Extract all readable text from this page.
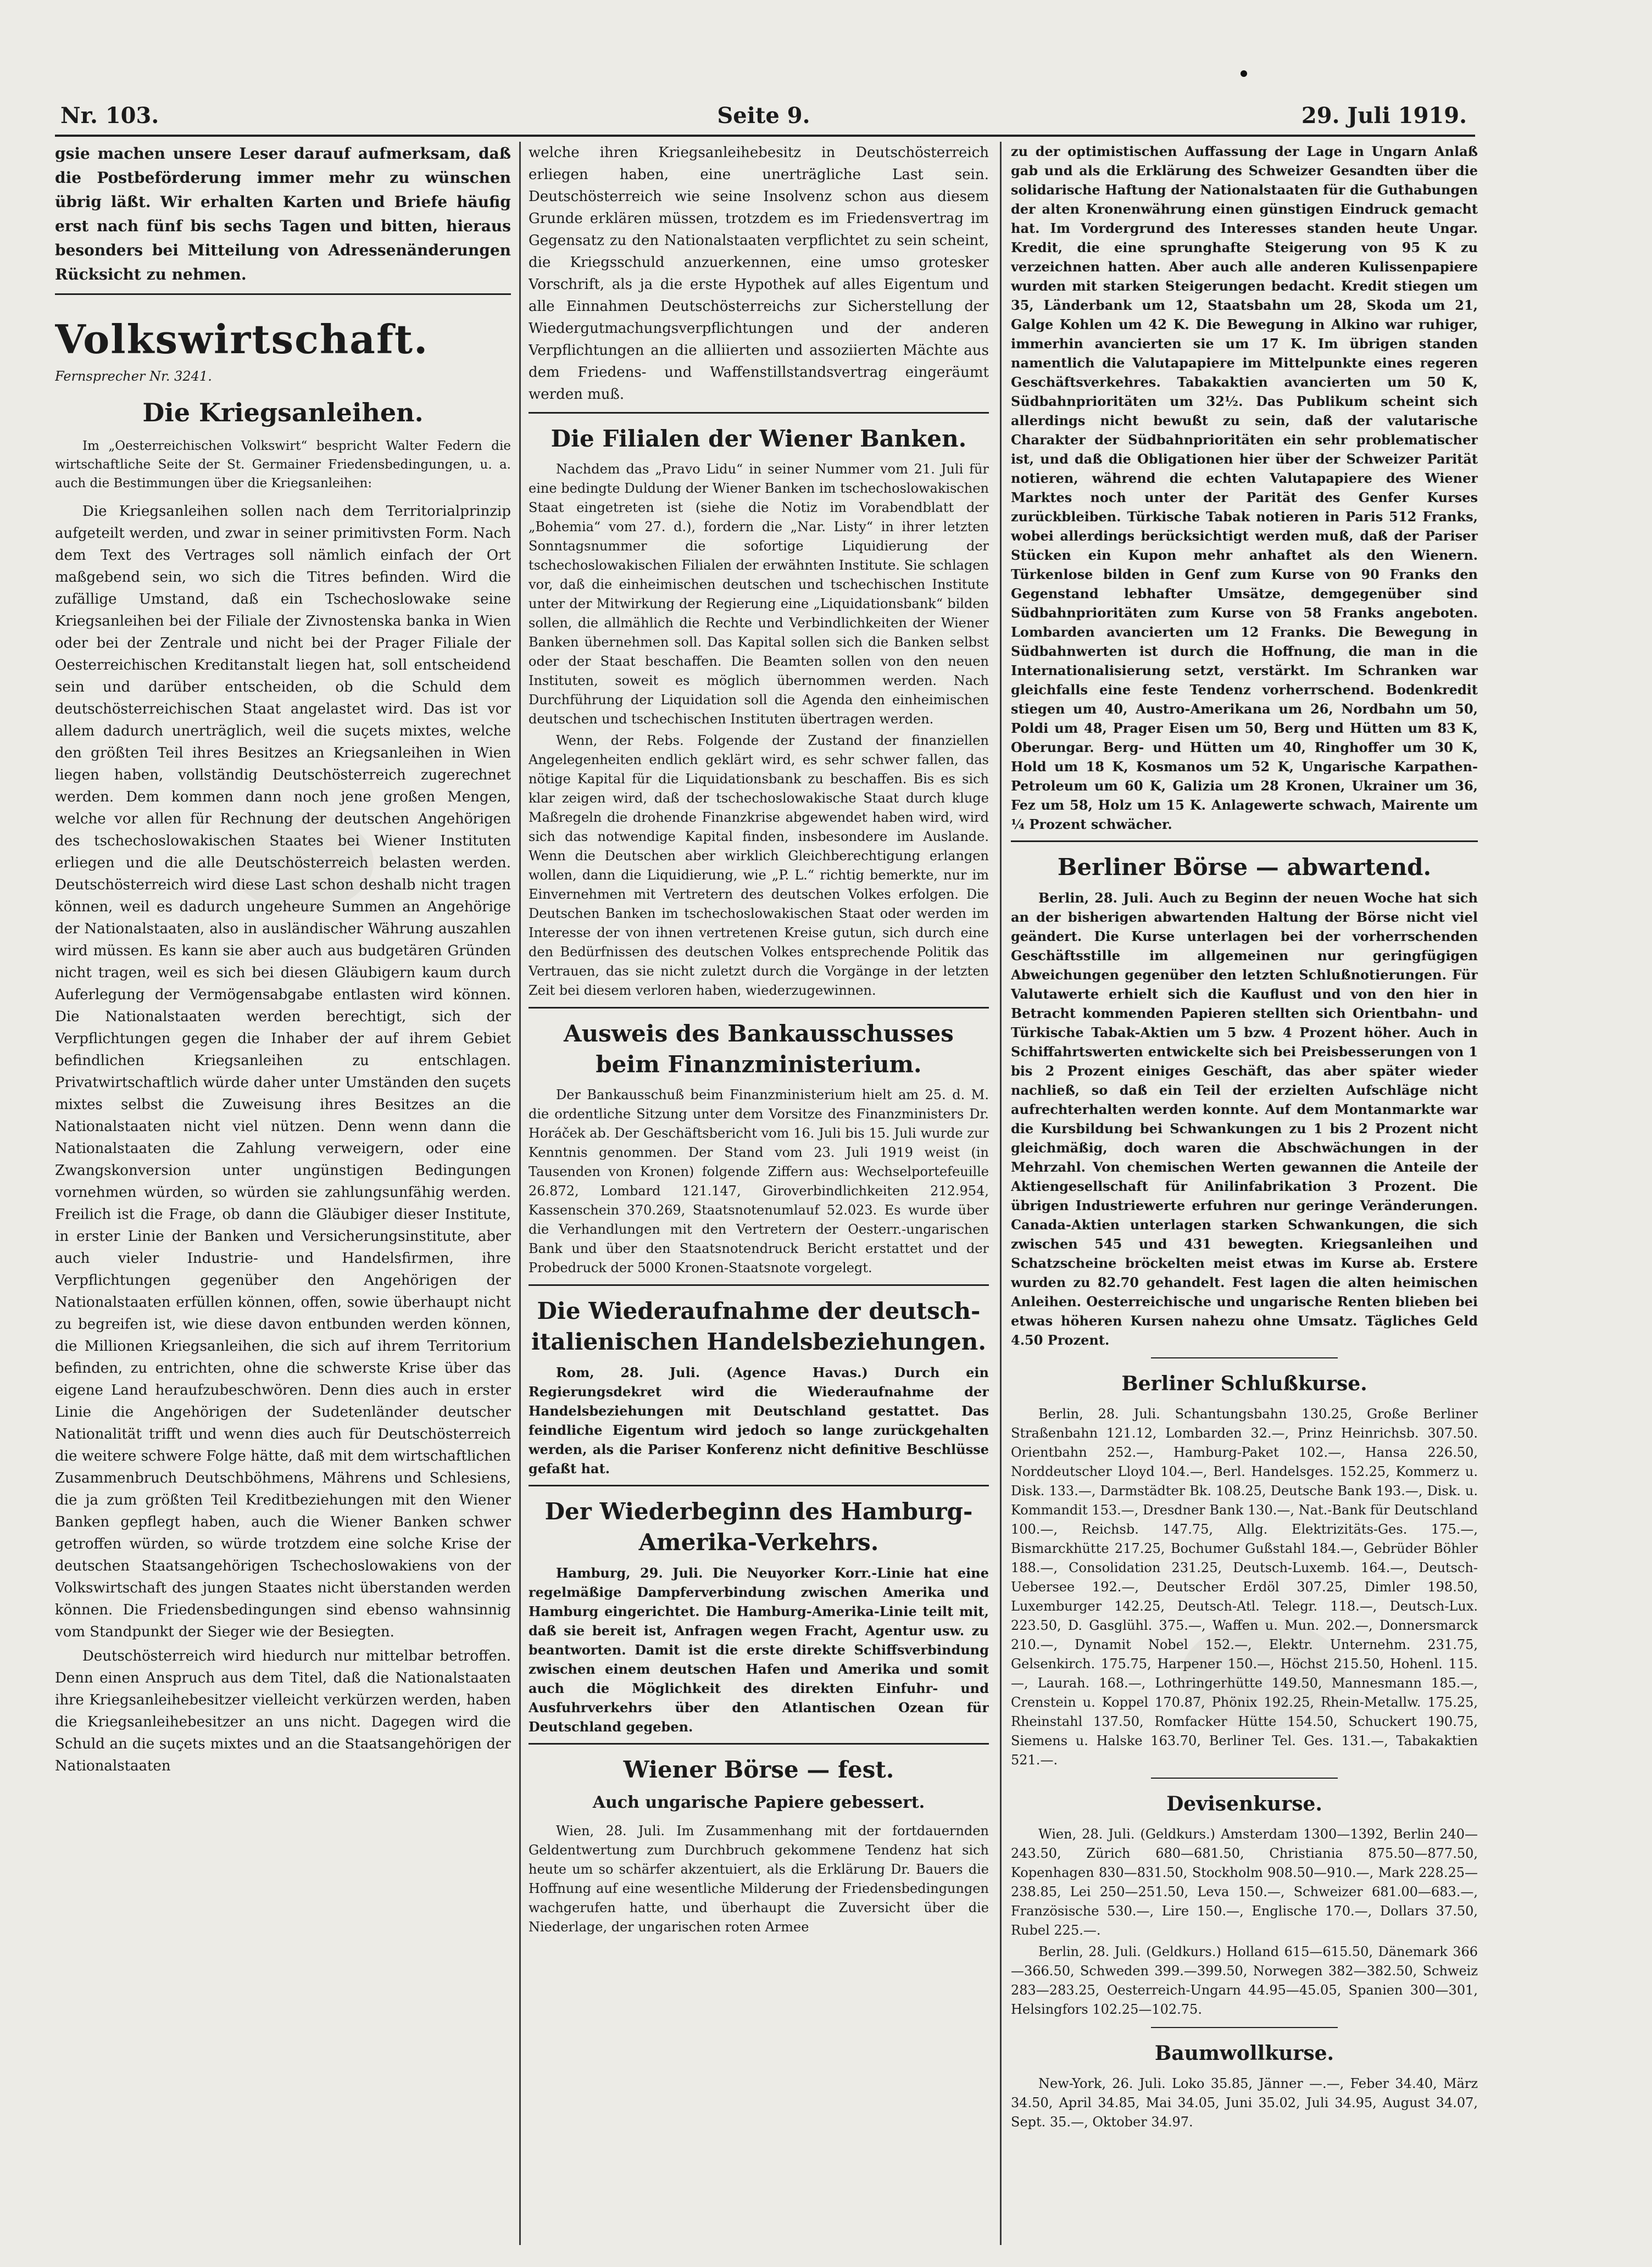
Nr. 103.	Seite 9.	29. Juli 1919.

gsie machen unsere Leser darauf aufmerksam, daß die Postbeförderung immer mehr zu wünschen übrig läßt. Wir erhalten Karten und Briefe häufig erst nach fünf bis sechs Tagen und bitten, hieraus besonders bei Mitteilung von Adressenänderungen Rücksicht zu nehmen.

Volkswirtschaft.
Fernsprecher Nr. 3241.
Die Kriegsanleihen.

Im „Oesterreichischen Volkswirt“ bespricht Walter Federn die wirtschaftliche Seite der St. Germainer Friedensbedingungen, u. a. auch die Bestimmungen über die Kriegsanleihen:

Die Kriegsanleihen sollen nach dem Territorialprinzip aufgeteilt werden, und zwar in seiner primitivsten Form. Nach dem Text des Vertrages soll nämlich einfach der Ort maßgebend sein, wo sich die Titres befinden. Wird die zufällige Umstand, daß ein Tschechoslowake seine Kriegsanleihen bei der Filiale der Zivnostenska banka in Wien oder bei der Zentrale und nicht bei der Prager Filiale der Oesterreichischen Kreditanstalt liegen hat, soll entscheidend sein und darüber entscheiden, ob die Schuld dem deutschösterreichischen Staat angelastet wird. Das ist vor allem dadurch unerträglich, weil die suçets mixtes, welche den größten Teil ihres Besitzes an Kriegsanleihen in Wien liegen haben, vollständig Deutschösterreich zugerechnet werden. Dem kommen dann noch jene großen Mengen, welche vor allen für Rechnung der deutschen Angehörigen des tschechoslowakischen Staates bei Wiener Instituten erliegen und die alle Deutschösterreich belasten werden. Deutschösterreich wird diese Last schon deshalb nicht tragen können, weil es dadurch ungeheure Summen an Angehörige der Nationalstaaten, also in ausländischer Währung auszahlen wird müssen. Es kann sie aber auch aus budgetären Gründen nicht tragen, weil es sich bei diesen Gläubigern kaum durch Auferlegung der Vermögensabgabe entlasten wird können. Die Nationalstaaten werden berechtigt, sich der Verpflichtungen gegen die Inhaber der auf ihrem Gebiet befindlichen Kriegsanleihen zu entschlagen. Privatwirtschaftlich würde daher unter Umständen den suçets mixtes selbst die Zuweisung ihres Besitzes an die Nationalstaaten nicht viel nützen. Denn wenn dann die Nationalstaaten die Zahlung verweigern, oder eine Zwangskonversion unter ungünstigen Bedingungen vornehmen würden, so würden sie zahlungsunfähig werden. Freilich ist die Frage, ob dann die Gläubiger dieser Institute, in erster Linie der Banken und Versicherungsinstitute, aber auch vieler Industrie- und Handelsfirmen, ihre Verpflichtungen gegenüber den Angehörigen der Nationalstaaten erfüllen können, offen, sowie überhaupt nicht zu begreifen ist, wie diese davon entbunden werden können, die Millionen Kriegsanleihen, die sich auf ihrem Territorium befinden, zu entrichten, ohne die schwerste Krise über das eigene Land heraufzubeschwören. Denn dies auch in erster Linie die Angehörigen der Sudetenländer deutscher Nationalität trifft und wenn dies auch für Deutschösterreich die weitere schwere Folge hätte, daß mit dem wirtschaftlichen Zusammenbruch Deutschböhmens, Mährens und Schlesiens, die ja zum größten Teil Kreditbeziehungen mit den Wiener Banken gepflegt haben, auch die Wiener Banken schwer getroffen würden, so würde trotzdem eine solche Krise der deutschen Staatsangehörigen Tschechoslowakiens von der Volkswirtschaft des jungen Staates nicht überstanden werden können. Die Friedensbedingungen sind ebenso wahnsinnig vom Standpunkt der Sieger wie der Besiegten.

Deutschösterreich wird hiedurch nur mittelbar betroffen. Denn einen Anspruch aus dem Titel, daß die Nationalstaaten ihre Kriegsanleihebesitzer vielleicht verkürzen werden, haben die Kriegsanleihebesitzer an uns nicht. Dagegen wird die Schuld an die suçets mixtes und an die Staatsangehörigen der Nationalstaaten

welche ihren Kriegsanleihebesitz in Deutschösterreich erliegen haben, eine unerträgliche Last sein. Deutschösterreich wie seine Insolvenz schon aus diesem Grunde erklären müssen, trotzdem es im Friedensvertrag im Gegensatz zu den Nationalstaaten verpflichtet zu sein scheint, die Kriegsschuld anzuerkennen, eine umso grotesker Vorschrift, als ja die erste Hypothek auf alles Eigentum und alle Einnahmen Deutschösterreichs zur Sicherstellung der Wiedergutmachungsverpflichtungen und der anderen Verpflichtungen an die alliierten und assoziierten Mächte aus dem Friedens- und Waffenstillstandsvertrag eingeräumt werden muß.

Die Filialen der Wiener Banken.

Nachdem das „Pravo Lidu“ in seiner Nummer vom 21. Juli für eine bedingte Duldung der Wiener Banken im tschechoslowakischen Staat eingetreten ist (siehe die Notiz im Vorabendblatt der „Bohemia“ vom 27. d.), fordern die „Nar. Listy“ in ihrer letzten Sonntagsnummer die sofortige Liquidierung der tschechoslowakischen Filialen der erwähnten Institute. Sie schlagen vor, daß die einheimischen deutschen und tschechischen Institute unter der Mitwirkung der Regierung eine „Liquidationsbank“ bilden sollen, die allmählich die Rechte und Verbindlichkeiten der Wiener Banken übernehmen soll. Das Kapital sollen sich die Banken selbst oder der Staat beschaffen. Die Beamten sollen von den neuen Instituten, soweit es möglich übernommen werden. Nach Durchführung der Liquidation soll die Agenda den einheimischen deutschen und tschechischen Instituten übertragen werden.

Wenn, der Rebs. Folgende der Zustand der finanziellen Angelegenheiten endlich geklärt wird, es sehr schwer fallen, das nötige Kapital für die Liquidationsbank zu beschaffen. Bis es sich klar zeigen wird, daß der tschechoslowakische Staat durch kluge Maßregeln die drohende Finanzkrise abgewendet haben wird, wird sich das notwendige Kapital finden, insbesondere im Auslande. Wenn die Deutschen aber wirklich Gleichberechtigung erlangen wollen, dann die Liquidierung, wie „P. L.“ richtig bemerkte, nur im Einvernehmen mit Vertretern des deutschen Volkes erfolgen. Die Deutschen Banken im tschechoslowakischen Staat oder werden im Interesse der von ihnen vertretenen Kreise gutun, sich durch eine den Bedürfnissen des deutschen Volkes entsprechende Politik das Vertrauen, das sie nicht zuletzt durch die Vorgänge in der letzten Zeit bei diesem verloren haben, wiederzugewinnen.

Ausweis des Bankausschusses beim Finanzministerium.

Der Bankausschuß beim Finanzministerium hielt am 25. d. M. die ordentliche Sitzung unter dem Vorsitze des Finanzministers Dr. Horáček ab. Der Geschäftsbericht vom 16. Juli bis 15. Juli wurde zur Kenntnis genommen. Der Stand vom 23. Juli 1919 weist (in Tausenden von Kronen) folgende Ziffern aus: Wechselportefeuille 26.872, Lombard 121.147, Giroverbindlichkeiten 212.954, Kassenschein 370.269, Staatsnotenumlauf 52.023. Es wurde über die Verhandlungen mit den Vertretern der Oesterr.-ungarischen Bank und über den Staatsnotendruck Bericht erstattet und der Probedruck der 5000 Kronen-Staatsnote vorgelegt.

Die Wiederaufnahme der deutsch-italienischen Handelsbeziehungen.

Rom, 28. Juli. (Agence Havas.) Durch ein Regierungsdekret wird die Wiederaufnahme der Handelsbeziehungen mit Deutschland gestattet. Das feindliche Eigentum wird jedoch so lange zurückgehalten werden, als die Pariser Konferenz nicht definitive Beschlüsse gefaßt hat.

Der Wiederbeginn des Hamburg-Amerika-Verkehrs.

Hamburg, 29. Juli. Die Neuyorker Korr.-Linie hat eine regelmäßige Dampferverbindung zwischen Amerika und Hamburg eingerichtet. Die Hamburg-Amerika-Linie teilt mit, daß sie bereit ist, Anfragen wegen Fracht, Agentur usw. zu beantworten. Damit ist die erste direkte Schiffsverbindung zwischen einem deutschen Hafen und Amerika und somit auch die Möglichkeit des direkten Einfuhr- und Ausfuhrverkehrs über den Atlantischen Ozean für Deutschland gegeben.

Wiener Börse — fest.
Auch ungarische Papiere gebessert.

Wien, 28. Juli. Im Zusammenhang mit der fortdauernden Geldentwertung zum Durchbruch gekommene Tendenz hat sich heute um so schärfer akzentuiert, als die Erklärung Dr. Bauers die Hoffnung auf eine wesentliche Milderung der Friedensbedingungen wachgerufen hatte, und überhaupt die Zuversicht über die Niederlage, der ungarischen roten Armee

zu der optimistischen Auffassung der Lage in Ungarn Anlaß gab und als die Erklärung des Schweizer Gesandten über die solidarische Haftung der Nationalstaaten für die Guthabungen der alten Kronenwährung einen günstigen Eindruck gemacht hat. Im Vordergrund des Interesses standen heute Ungar. Kredit, die eine sprunghafte Steigerung von 95 K zu verzeichnen hatten. Aber auch alle anderen Kulissenpapiere wurden mit starken Steigerungen bedacht. Kredit stiegen um 35, Länderbank um 12, Staatsbahn um 28, Skoda um 21, Galge Kohlen um 42 K. Die Bewegung in Alkino war ruhiger, immerhin avancierten sie um 17 K. Im übrigen standen namentlich die Valutapapiere im Mittelpunkte eines regeren Geschäftsverkehres. Tabakaktien avancierten um 50 K, Südbahnprioritäten um 32½. Das Publikum scheint sich allerdings nicht bewußt zu sein, daß der valutarische Charakter der Südbahnprioritäten ein sehr problematischer ist, und daß die Obligationen hier über der Schweizer Parität notieren, während die echten Valutapapiere des Wiener Marktes noch unter der Parität des Genfer Kurses zurückbleiben. Türkische Tabak notieren in Paris 512 Franks, wobei allerdings berücksichtigt werden muß, daß der Pariser Stücken ein Kupon mehr anhaftet als den Wienern. Türkenlose bilden in Genf zum Kurse von 90 Franks den Gegenstand lebhafter Umsätze, demgegenüber sind Südbahnprioritäten zum Kurse von 58 Franks angeboten. Lombarden avancierten um 12 Franks. Die Bewegung in Südbahnwerten ist durch die Hoffnung, die man in die Internationalisierung setzt, verstärkt. Im Schranken war gleichfalls eine feste Tendenz vorherrschend. Bodenkredit stiegen um 40, Austro-Amerikana um 26, Nordbahn um 50, Poldi um 48, Prager Eisen um 50, Berg und Hütten um 83 K, Oberungar. Berg- und Hütten um 40, Ringhoffer um 30 K, Hold um 18 K, Kosmanos um 52 K, Ungarische Karpathen-Petroleum um 60 K, Galizia um 28 Kronen, Ukrainer um 36, Fez um 58, Holz um 15 K. Anlagewerte schwach, Mairente um ¼ Prozent schwächer.

Berliner Börse — abwartend.

Berlin, 28. Juli. Auch zu Beginn der neuen Woche hat sich an der bisherigen abwartenden Haltung der Börse nicht viel geändert. Die Kurse unterlagen bei der vorherrschenden Geschäftsstille im allgemeinen nur geringfügigen Abweichungen gegenüber den letzten Schlußnotierungen. Für Valutawerte erhielt sich die Kauflust und von den hier in Betracht kommenden Papieren stellten sich Orientbahn- und Türkische Tabak-Aktien um 5 bzw. 4 Prozent höher. Auch in Schiffahrtswerten entwickelte sich bei Preisbesserungen von 1 bis 2 Prozent einiges Geschäft, das aber später wieder nachließ, so daß ein Teil der erzielten Aufschläge nicht aufrechterhalten werden konnte. Auf dem Montanmarkte war die Kursbildung bei Schwankungen zu 1 bis 2 Prozent nicht gleichmäßig, doch waren die Abschwächungen in der Mehrzahl. Von chemischen Werten gewannen die Anteile der Aktiengesellschaft für Anilinfabrikation 3 Prozent. Die übrigen Industriewerte erfuhren nur geringe Veränderungen. Canada-Aktien unterlagen starken Schwankungen, die sich zwischen 545 und 431 bewegten. Kriegsanleihen und Schatzscheine bröckelten meist etwas im Kurse ab. Erstere wurden zu 82.70 gehandelt. Fest lagen die alten heimischen Anleihen. Oesterreichische und ungarische Renten blieben bei etwas höheren Kursen nahezu ohne Umsatz. Tägliches Geld 4.50 Prozent.

Berliner Schlußkurse.

Berlin, 28. Juli. Schantungsbahn 130.25, Große Berliner Straßenbahn 121.12, Lombarden 32.—, Prinz Heinrichsb. 307.50. Orientbahn 252.—, Hamburg-Paket 102.—, Hansa 226.50, Norddeutscher Lloyd 104.—, Berl. Handelsges. 152.25, Kommerz u. Disk. 133.—, Darmstädter Bk. 108.25, Deutsche Bank 193.—, Disk. u. Kommandit 153.—, Dresdner Bank 130.—, Nat.-Bank für Deutschland 100.—, Reichsb. 147.75, Allg. Elektrizitäts-Ges. 175.—, Bismarckhütte 217.25, Bochumer Gußstahl 184.—, Gebrüder Böhler 188.—, Consolidation 231.25, Deutsch-Luxemb. 164.—, Deutsch-Uebersee 192.—, Deutscher Erdöl 307.25, Dimler 198.50, Luxemburger 142.25, Deutsch-Atl. Telegr. 118.—, Deutsch-Lux. 223.50, D. Gasglühl. 375.—, Waffen u. Mun. 202.—, Donnersmarck 210.—, Dynamit Nobel 152.—, Elektr. Unternehm. 231.75, Gelsenkirch. 175.75, Harpener 150.—, Höchst 215.50, Hohenl. 115.—, Laurah. 168.—, Lothringerhütte 149.50, Mannesmann 185.—, Crenstein u. Koppel 170.87, Phönix 192.25, Rhein-Metallw. 175.25, Rheinstahl 137.50, Romfacker Hütte 154.50, Schuckert 190.75, Siemens u. Halske 163.70, Berliner Tel. Ges. 131.—, Tabakaktien 521.—.

Devisenkurse.

Wien, 28. Juli. (Geldkurs.) Amsterdam 1300—1392, Berlin 240—243.50, Zürich 680—681.50, Christiania 875.50—877.50, Kopenhagen 830—831.50, Stockholm 908.50—910.—, Mark 228.25—238.85, Lei 250—251.50, Leva 150.—, Schweizer 681.00—683.—, Französische 530.—, Lire 150.—, Englische 170.—, Dollars 37.50, Rubel 225.—.

Berlin, 28. Juli. (Geldkurs.) Holland 615—615.50, Dänemark 366—366.50, Schweden 399.—399.50, Norwegen 382—382.50, Schweiz 283—283.25, Oesterreich-Ungarn 44.95—45.05, Spanien 300—301, Helsingfors 102.25—102.75.

Baumwollkurse.

New-York, 26. Juli. Loko 35.85, Jänner —.—, Feber 34.40, März 34.50, April 34.85, Mai 34.05, Juni 35.02, Juli 34.95, August 34.07, Sept. 35.—, Oktober 34.97.
